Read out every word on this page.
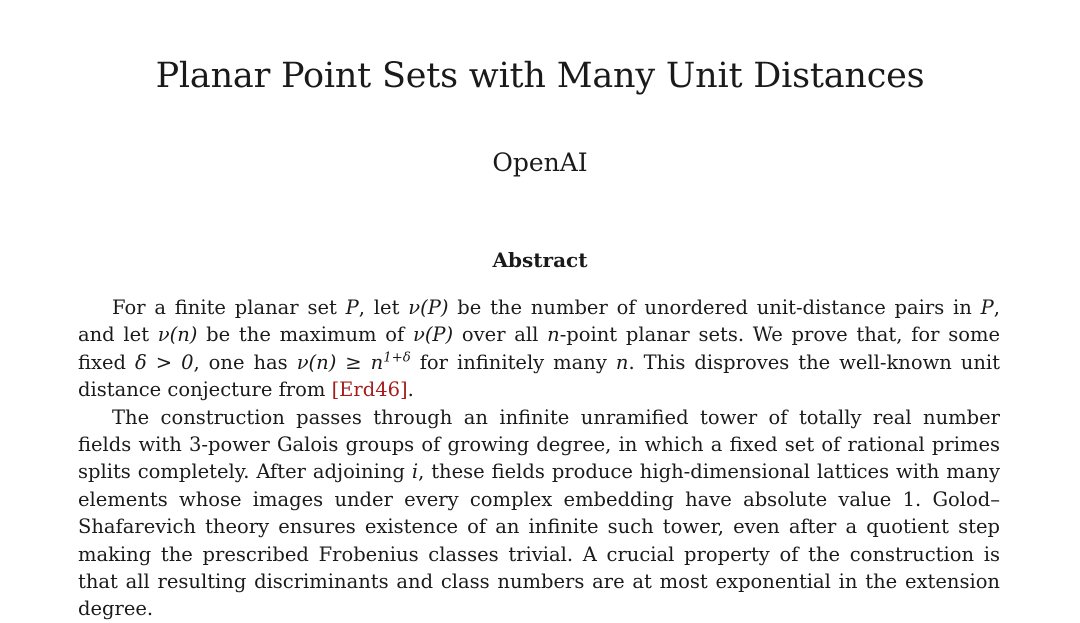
Planar Point Sets with Many Unit Distances
OpenAI
Abstract

For a finite planar set P, let ν(P) be the number of unordered unit-distance pairs in P, and let ν(n) be the maximum of ν(P) over all n-point planar sets. We prove that, for some fixed δ > 0, one has $\nu(n) \ge n^{1+\delta}$ for infinitely many n. This disproves the well-known unit distance conjecture from [Erd46].

The construction passes through an infinite unramified tower of totally real number fields with 3-power Galois groups of growing degree, in which a fixed set of rational primes splits completely. After adjoining i, these fields produce high-dimensional lattices with many elements whose images under every complex embedding have absolute value 1. Golod–Shafarevich theory ensures existence of an infinite such tower, even after a quotient step making the prescribed Frobenius classes trivial. A crucial property of the construction is that all resulting discriminants and class numbers are at most exponential in the extension degree.
